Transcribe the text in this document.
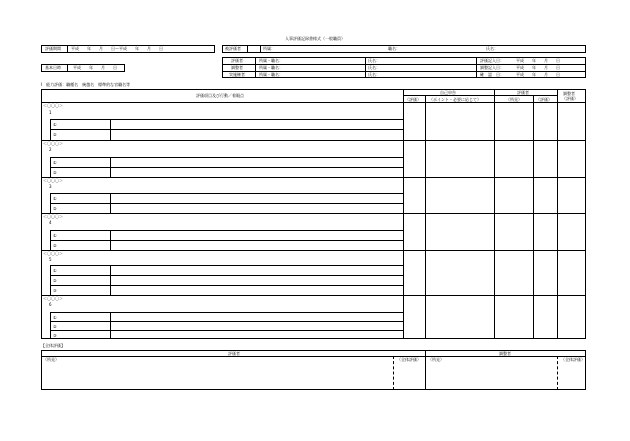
人事評価記録書様式（一般職員）
評価期間	平成　　年　　月　　日～平成　　年　　月　　日	被評価者	所属：	職名：	氏名：
基本日時	平成　　年　　月　　日
評価者	所属・職名：	氏名：	評価記入日：	平成　　年　　月　　日
調整者	所属・職名：	氏名：	調整記入日：	平成　　年　　月　　日
実施権者	所属・職名：	氏名：	確　認　日：	平成　　年　　月　　日
Ⅰ　能力評価：職種名　統越名　標準的な官職名等
評価項目及び行動／着眼点
自己申告
（評価） （ポイント・必要に応じて）
評価者
（所見）	（評価）
調整者
（評価）
＜〇〇〇＞
1
①
②
＜〇〇〇＞
2
①
②
＜〇〇〇＞
3
①
②
＜〇〇〇＞
4
①
②
＜〇〇〇＞
5
①
②
③
＜〇〇〇＞
6
①
②
③
【全体評価】
評価者	調整者
（所見）	（全体評価） （所見）	（全体評価）
